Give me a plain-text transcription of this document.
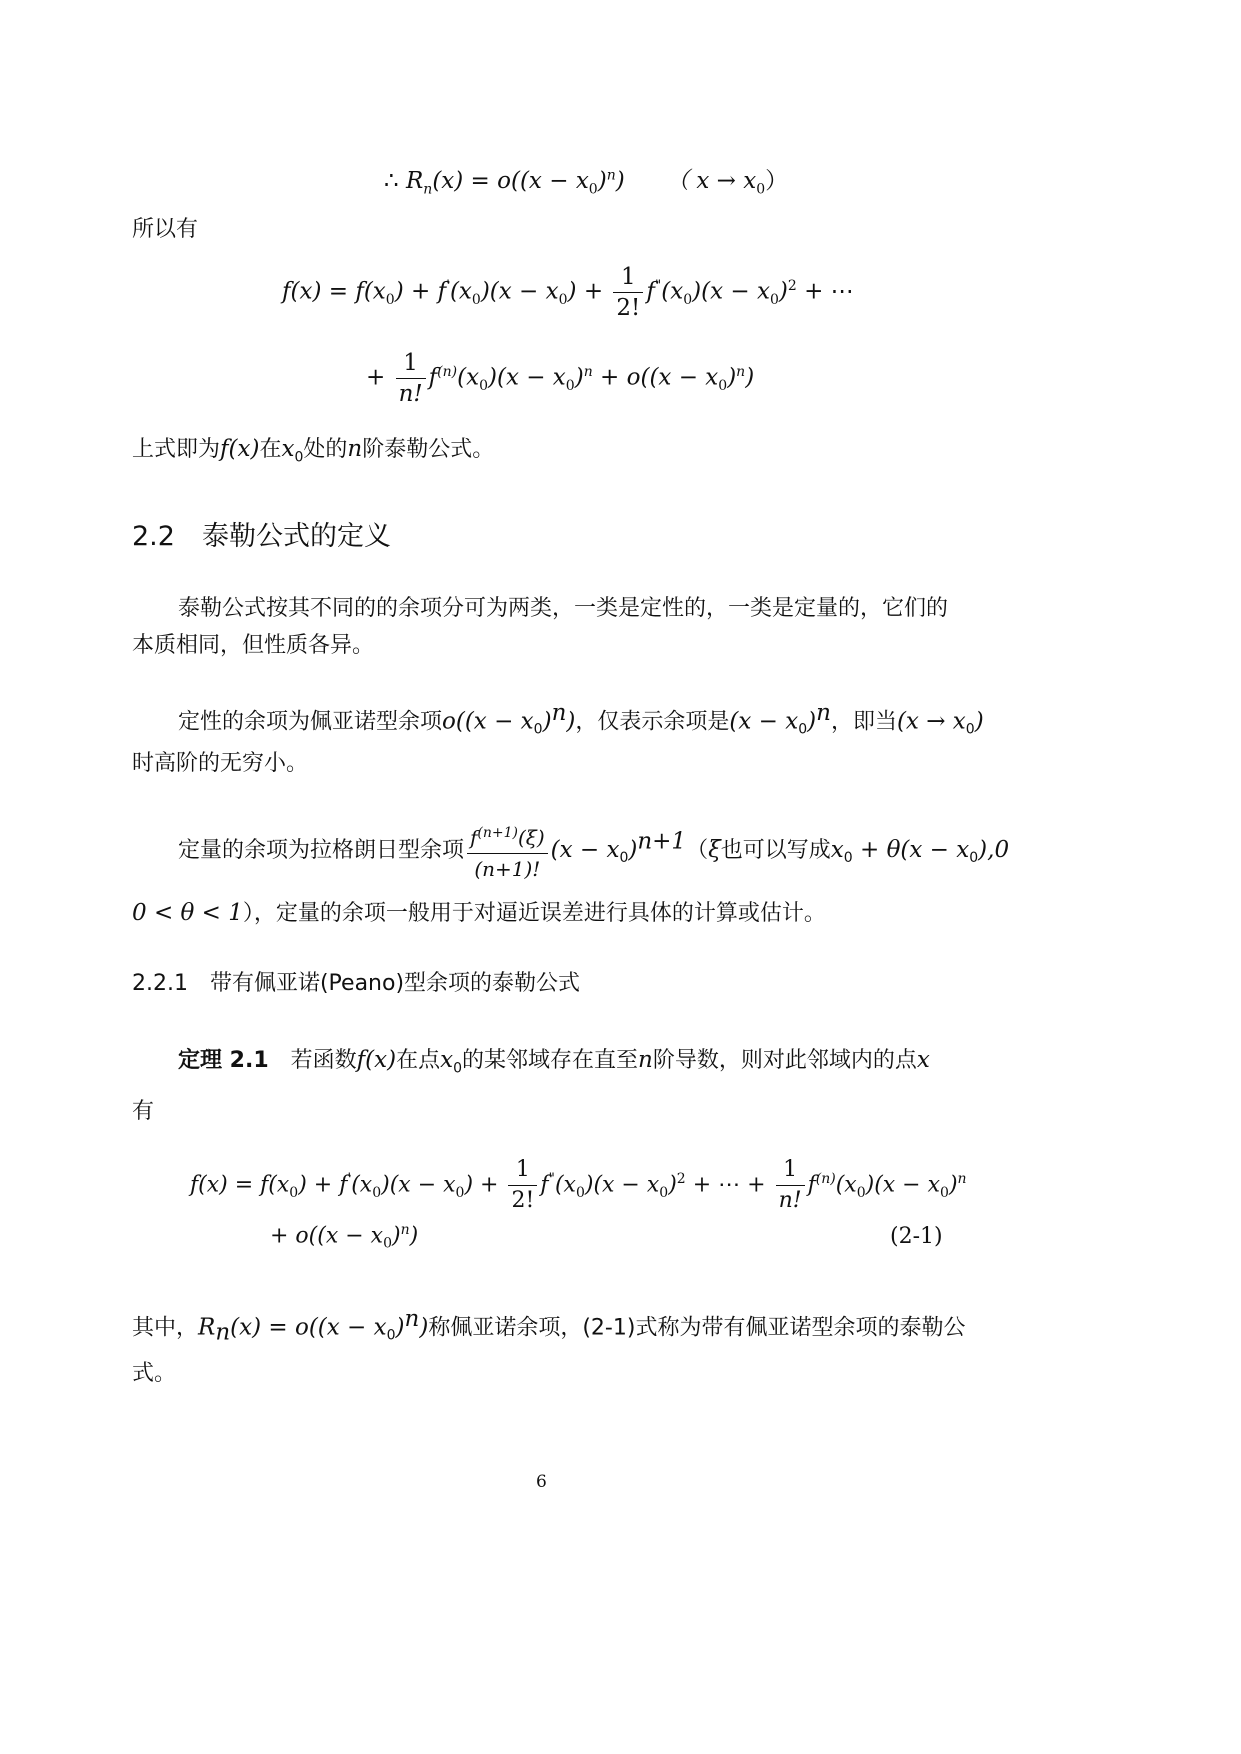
∴ $R_n(x) = o((x - x_0)^n)$ （ $x \to x_0$）
所以有
$f(x) = f(x_0) + f'(x_0)(x - x_0) + \frac{1}{2!} f^"(x_0)(x - x_0)^2$ + ⋯
+ $\frac{1}{n!} f^{(n)}(x_0)(x - x_0)^n + o((x - x_0)^n)$
上式即为f(x)在$x_0$处的n阶泰勒公式。
2.2　泰勒公式的定义
泰勒公式按其不同的的余项分可为两类，一类是定性的，一类是定量的，它们的
本质相同，但性质各异。
定性的余项为佩亚诺型余项$o((x - x_0)^n)$，仅表示余项是$(x - x_0)^n$，即当$(x \to x_0)$
时高阶的无穷小。
定量的余项为拉格朗日型余项 $\frac{f^{(n+1)}(\xi)}{(n+1)!} (x - x_0)^{n+1}(\xi$也可以写成$x_0 + \theta(x - x_0),0$
0 < θ < 1），定量的余项一般用于对逼近误差进行具体的计算或估计。
2.2.1　带有佩亚诺(Peano)型余项的泰勒公式
定理 2.1　若函数f(x)在点$x_0$的某邻域存在直至n阶导数，则对此邻域内的点x
有
$f(x) = f(x_0) + f'(x_0)(x - x_0) + \frac{1}{2!} f^"(x_0)(x - x_0)^2$ + ⋯ + $\frac{1}{n!} f^{(n)}(x_0)(x - x_0)^n$
+ $o((x - x_0)^n)$	(2-1)
其中，$R_n(x) = o((x - x_0)^n)$称佩亚诺余项，(2-1)式称为带有佩亚诺型余项的泰勒公
式。
6
